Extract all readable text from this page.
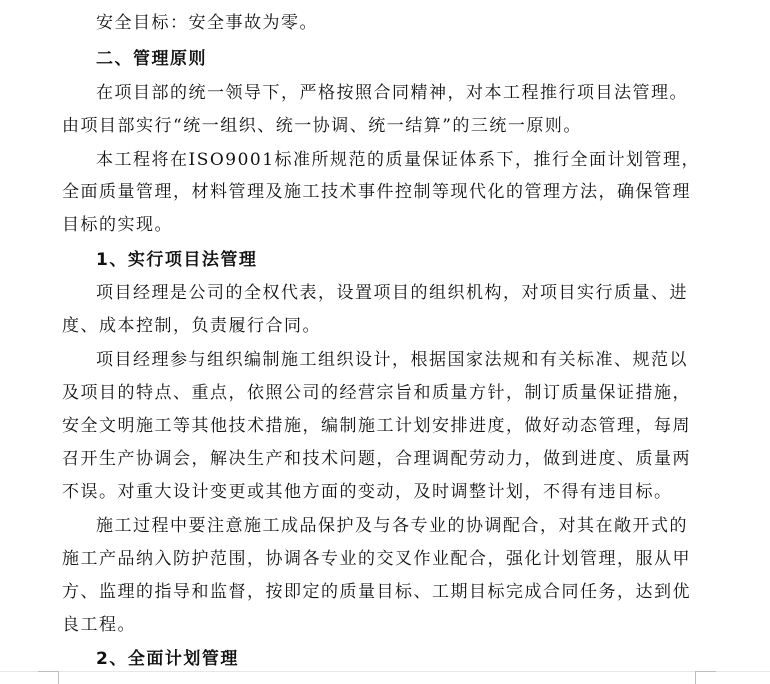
安全目标：安全事故为零。
二、管理原则
在项目部的统一领导下，严格按照合同精神，对本工程推行项目法管理。
由项目部实行“统一组织、统一协调、统一结算”的三统一原则。
本工程将在ISO9001标准所规范的质量保证体系下，推行全面计划管理，
全面质量管理，材料管理及施工技术事件控制等现代化的管理方法，确保管理
目标的实现。
1、实行项目法管理
项目经理是公司的全权代表，设置项目的组织机构，对项目实行质量、进
度、成本控制，负责履行合同。
项目经理参与组织编制施工组织设计，根据国家法规和有关标准、规范以
及项目的特点、重点，依照公司的经营宗旨和质量方针，制订质量保证措施，
安全文明施工等其他技术措施，编制施工计划安排进度，做好动态管理，每周
召开生产协调会，解决生产和技术问题，合理调配劳动力，做到进度、质量两
不误。对重大设计变更或其他方面的变动，及时调整计划，不得有违目标。
施工过程中要注意施工成品保护及与各专业的协调配合，对其在敞开式的
施工产品纳入防护范围，协调各专业的交叉作业配合，强化计划管理，服从甲
方、监理的指导和监督，按即定的质量目标、工期目标完成合同任务，达到优
良工程。
2、全面计划管理
